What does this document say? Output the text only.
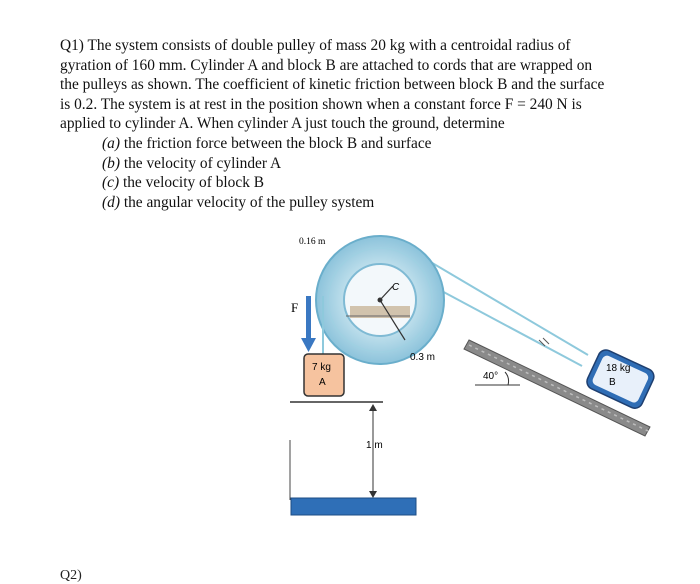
Q1) The system consists of double pulley of mass 20 kg with a centroidal radius of
gyration of 160 mm. Cylinder A and block B are attached to cords that are wrapped on
the pulleys as shown. The coefficient of kinetic friction between block B and the surface
is 0.2. The system is at rest in the position shown when a constant force F = 240 N is
applied to cylinder A. When cylinder A just touch the ground, determine

(a) the friction force between the block B and surface
(b) the velocity of cylinder A
(c) the velocity of block B
(d) the angular velocity of the pulley system
40°
18 kg
B
C
0.16 m
0.3 m
F
7 kg
A
1 m
Q2)
